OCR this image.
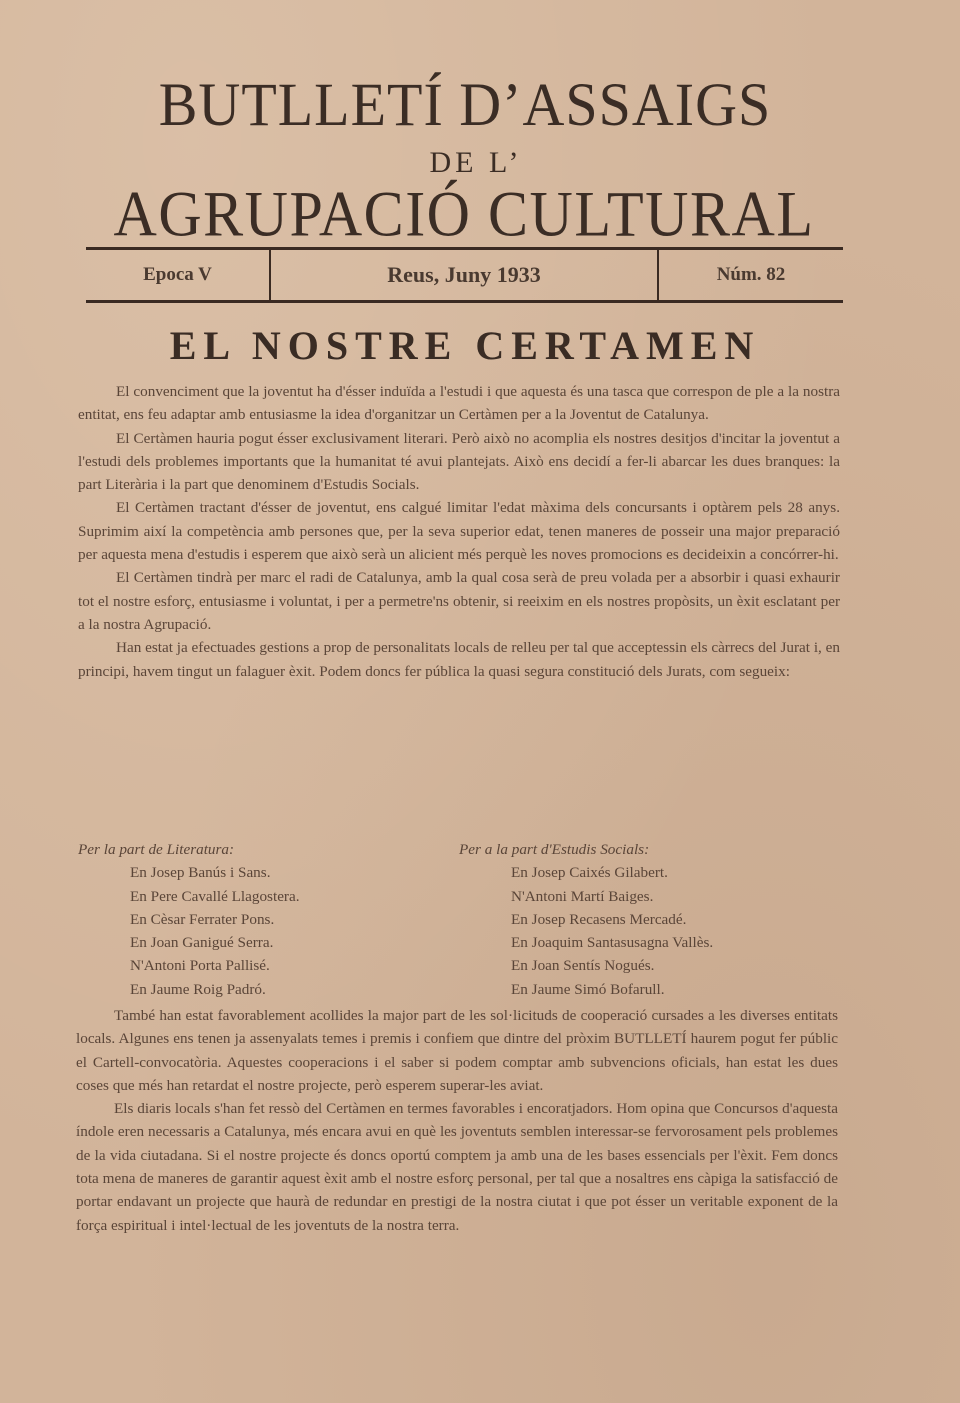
BUTLLETÍ D’ASSAIGS
DE L’
AGRUPACIÓ CULTURAL
Epoca V	Reus, Juny 1933	Núm. 82
EL NOSTRE CERTAMEN

El convenciment que la joventut ha d'ésser induïda a l'estudi i que aquesta és una tasca que correspon de ple a la nostra entitat, ens feu adaptar amb entusiasme la idea d'organitzar un Certàmen per a la Joventut de Catalunya.

El Certàmen hauria pogut ésser exclusivament literari. Però això no acomplia els nostres desitjos d'incitar la joventut a l'estudi dels problemes importants que la humanitat té avui plantejats. Això ens decidí a fer-li abarcar les dues branques: la part Literària i la part que denominem d'Estudis Socials.

El Certàmen tractant d'ésser de joventut, ens calgué limitar l'edat màxima dels concursants i optàrem pels 28 anys. Suprimim així la competència amb persones que, per la seva superior edat, tenen maneres de posseir una major preparació per aquesta mena d'estudis i esperem que això serà un alicient més perquè les noves promocions es decideixin a concórrer-hi.

El Certàmen tindrà per marc el radi de Catalunya, amb la qual cosa serà de preu volada per a absorbir i quasi exhaurir tot el nostre esforç, entusiasme i voluntat, i per a permetre'ns obtenir, si reeixim en els nostres propòsits, un èxit esclatant per a la nostra Agrupació.

Han estat ja efectuades gestions a prop de personalitats locals de relleu per tal que acceptessin els càrrecs del Jurat i, en principi, havem tingut un falaguer èxit. Podem doncs fer pública la quasi segura constitució dels Jurats, com segueix:

Per la part de Literatura:
En Josep Banús i Sans.
En Pere Cavallé Llagostera.
En Cèsar Ferrater Pons.
En Joan Ganigué Serra.
N'Antoni Porta Pallisé.
En Jaume Roig Padró.
Per a la part d'Estudis Socials:
En Josep Caixés Gilabert.
N'Antoni Martí Baiges.
En Josep Recasens Mercadé.
En Joaquim Santasusagna Vallès.
En Joan Sentís Nogués.
En Jaume Simó Bofarull.

També han estat favorablement acollides la major part de les sol·licituds de cooperació cursades a les diverses entitats locals. Algunes ens tenen ja assenyalats temes i premis i confiem que dintre del pròxim BUTLLETÍ haurem pogut fer públic el Cartell-convocatòria. Aquestes cooperacions i el saber si podem comptar amb subvencions oficials, han estat les dues coses que més han retardat el nostre projecte, però esperem superar-les aviat.

Els diaris locals s'han fet ressò del Certàmen en termes favorables i encoratjadors. Hom opina que Concursos d'aquesta índole eren necessaris a Catalunya, més encara avui en què les joventuts semblen interessar-se fervorosament pels problemes de la vida ciutadana. Si el nostre projecte és doncs oportú comptem ja amb una de les bases essencials per l'èxit. Fem doncs tota mena de maneres de garantir aquest èxit amb el nostre esforç personal, per tal que a nosaltres ens càpiga la satisfacció de portar endavant un projecte que haurà de redundar en prestigi de la nostra ciutat i que pot ésser un veritable exponent de la força espiritual i intel·lectual de les joventuts de la nostra terra.
